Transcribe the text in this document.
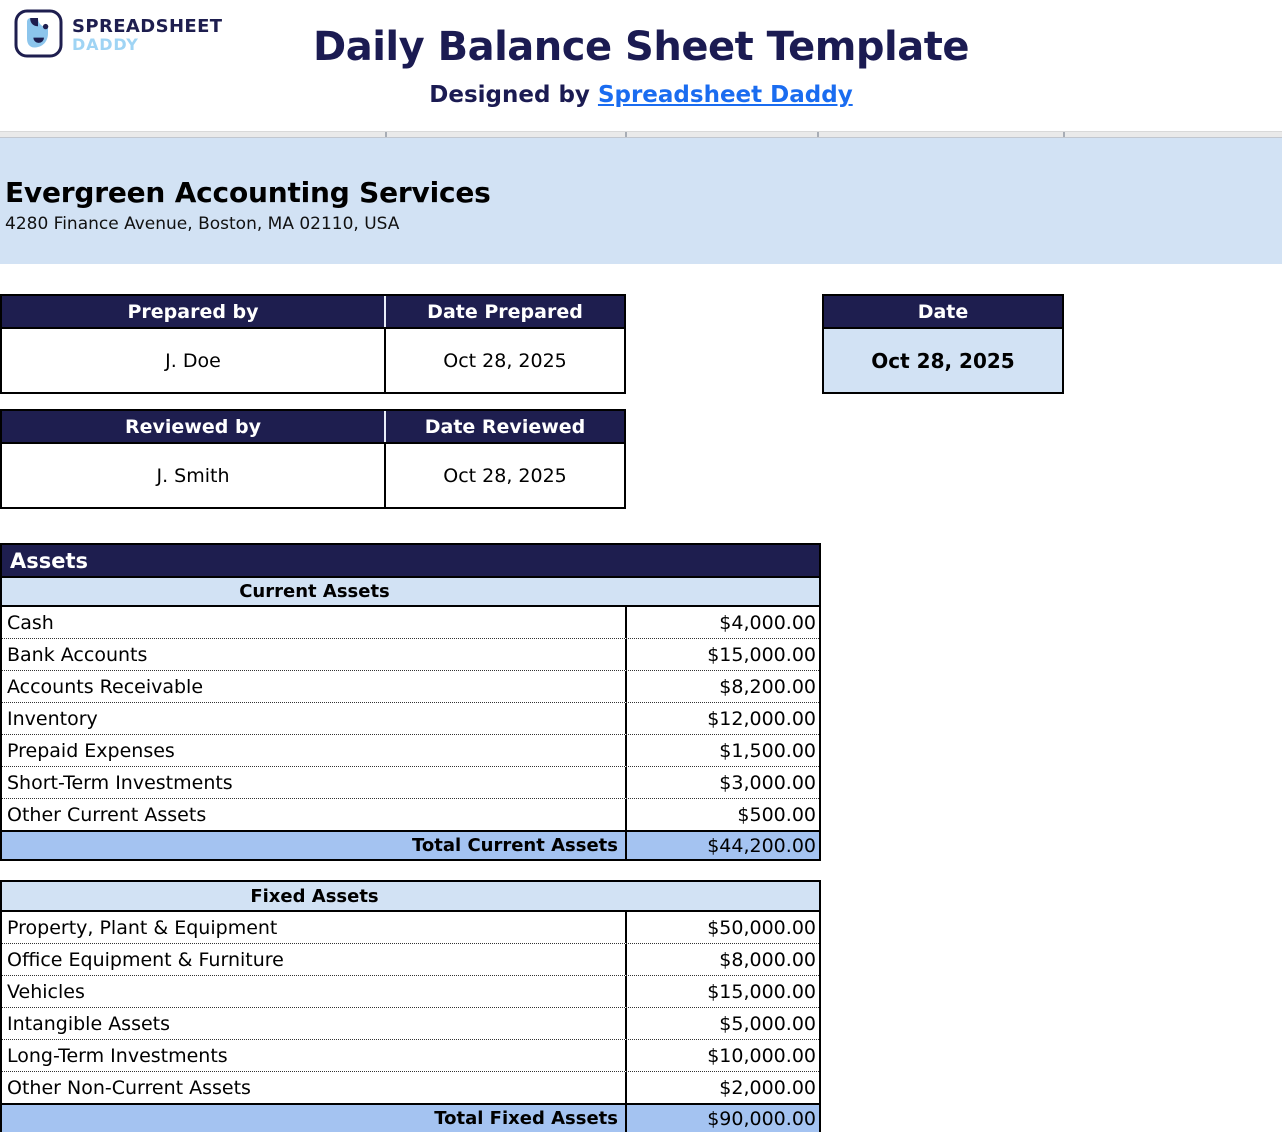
SPREADSHEET
DADDY	Daily Balance Sheet Template
Designed by Spreadsheet Daddy
Evergreen Accounting Services
4280 Finance Avenue, Boston, MA 02110, USA
Prepared by	Date Prepared
J. Doe	Oct 28, 2025
Reviewed by	Date Reviewed
J. Smith	Oct 28, 2025
Date
Oct 28, 2025
Assets
Current Assets
Cash	$4,000.00
Bank Accounts	$15,000.00
Accounts Receivable	$8,200.00
Inventory	$12,000.00
Prepaid Expenses	$1,500.00
Short-Term Investments	$3,000.00
Other Current Assets	$500.00
Total Current Assets	$44,200.00
Fixed Assets
Property, Plant & Equipment	$50,000.00
Office Equipment & Furniture	$8,000.00
Vehicles	$15,000.00
Intangible Assets	$5,000.00
Long-Term Investments	$10,000.00
Other Non-Current Assets	$2,000.00
Total Fixed Assets	$90,000.00
